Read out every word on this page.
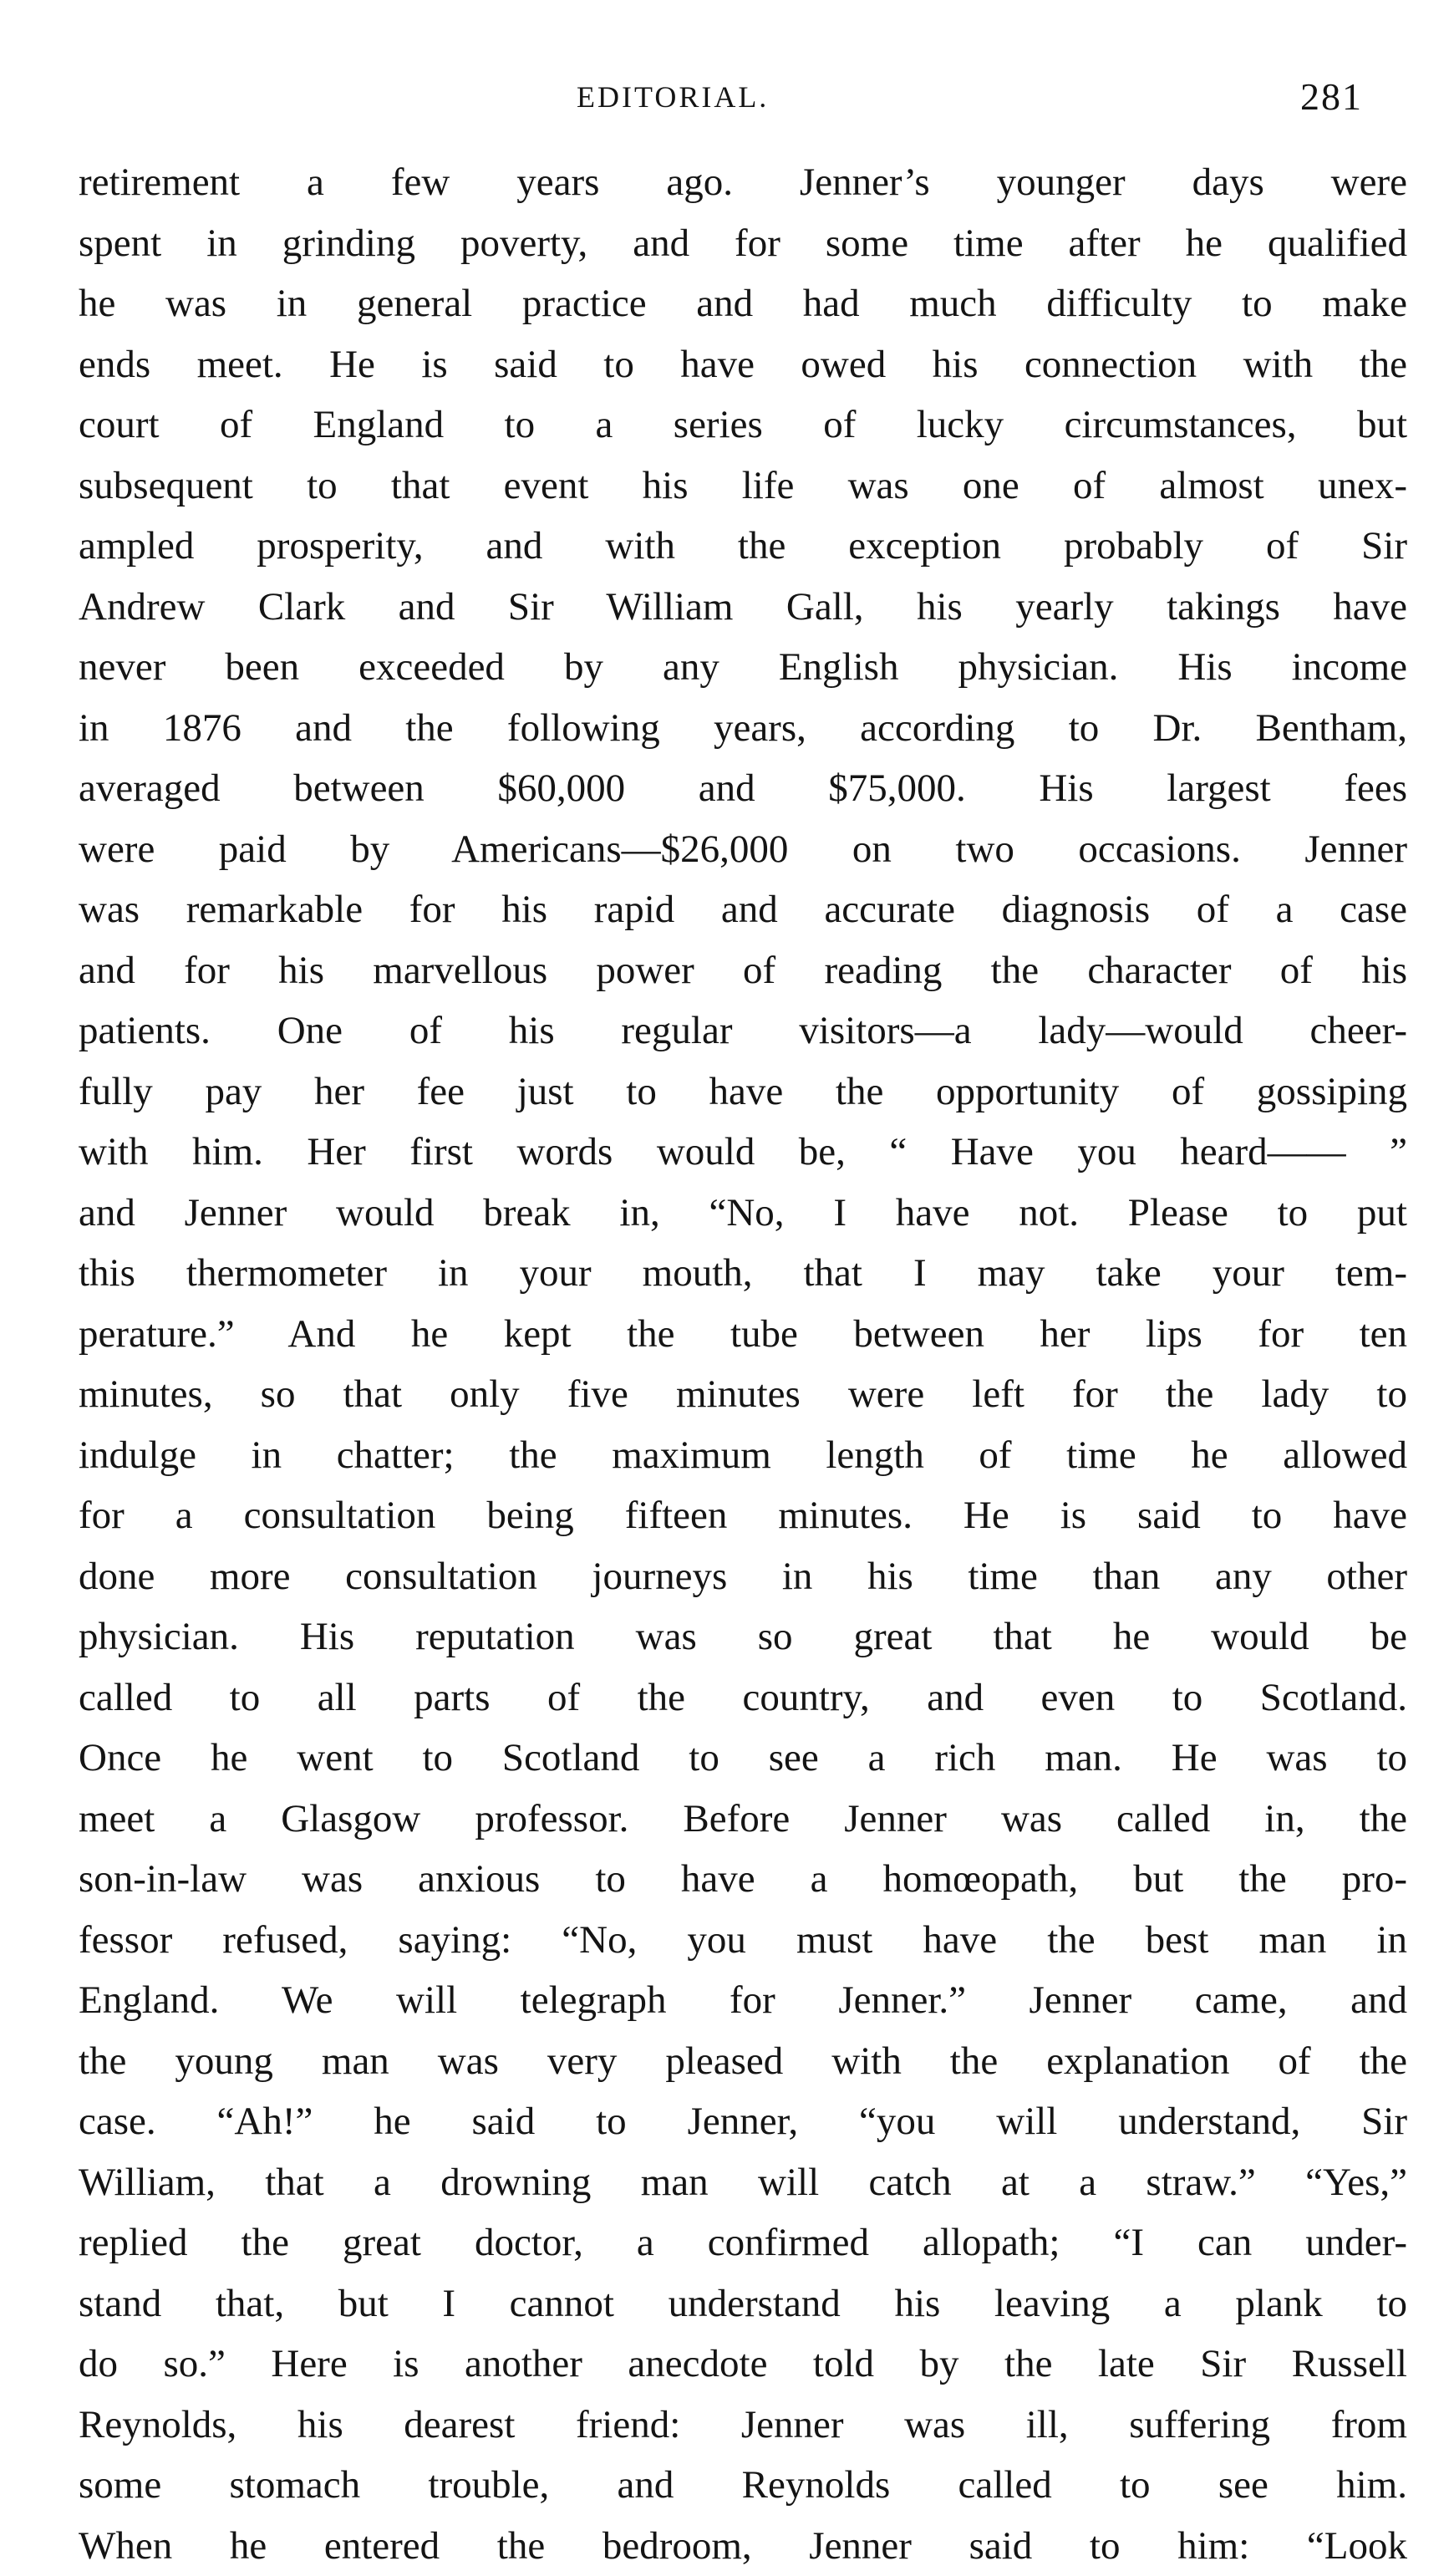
EDITORIAL.	281
retirement a few years ago. Jenner’s younger days were
spent in grinding poverty, and for some time after he qualified
he was in general practice and had much difficulty to make
ends meet. He is said to have owed his connection with the
court of England to a series of lucky circumstances, but
subsequent to that event his life was one of almost unex-
ampled prosperity, and with the exception probably of Sir
Andrew Clark and Sir William Gall, his yearly takings have
never been exceeded by any English physician. His income
in 1876 and the following years, according to Dr. Bentham,
averaged between $60,000 and $75,000. His largest fees
were paid by Americans—$26,000 on two occasions. Jenner
was remarkable for his rapid and accurate diagnosis of a case
and for his marvellous power of reading the character of his
patients. One of his regular visitors—a lady—would cheer-
fully pay her fee just to have the opportunity of gossiping
with him. Her first words would be, “ Have you heard—— ”
and Jenner would break in, “No, I have not. Please to put
this thermometer in your mouth, that I may take your tem-
perature.” And he kept the tube between her lips for ten
minutes, so that only five minutes were left for the lady to
indulge in chatter; the maximum length of time he allowed
for a consultation being fifteen minutes. He is said to have
done more consultation journeys in his time than any other
physician. His reputation was so great that he would be
called to all parts of the country, and even to Scotland.
Once he went to Scotland to see a rich man. He was to
meet a Glasgow professor. Before Jenner was called in, the
son-in-law was anxious to have a homœopath, but the pro-
fessor refused, saying: “No, you must have the best man in
England. We will telegraph for Jenner.” Jenner came, and
the young man was very pleased with the explanation of the
case. “Ah!” he said to Jenner, “you will understand, Sir
William, that a drowning man will catch at a straw.” “Yes,”
replied the great doctor, a confirmed allopath; “I can under-
stand that, but I cannot understand his leaving a plank to
do so.” Here is another anecdote told by the late Sir Russell
Reynolds, his dearest friend: Jenner was ill, suffering from
some stomach trouble, and Reynolds called to see him.
When he entered the bedroom, Jenner said to him: “Look
